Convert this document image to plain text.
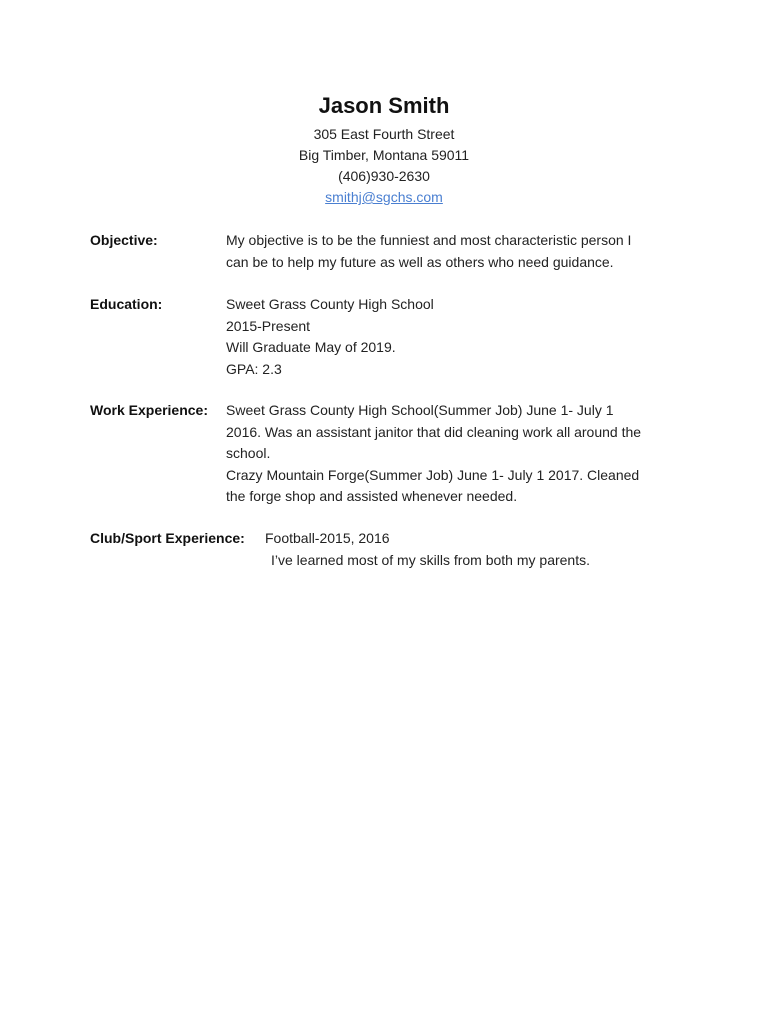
Jason Smith
305 East Fourth Street
Big Timber, Montana 59011
(406)930-2630
smithj@sgchs.com
Objective:	My objective is to be the funniest and most characteristic person I
can be to help my future as well as others who need guidance.
Education:	Sweet Grass County High School
2015-Present
Will Graduate May of 2019.
GPA: 2.3
Work Experience: Sweet Grass County High School(Summer Job) June 1- July 1
2016. Was an assistant janitor that did cleaning work all around the
school.
Crazy Mountain Forge(Summer Job) June 1- July 1 2017. Cleaned
the forge shop and assisted whenever needed.
Club/Sport Experience: Football-2015, 2016
I’ve learned most of my skills from both my parents.
